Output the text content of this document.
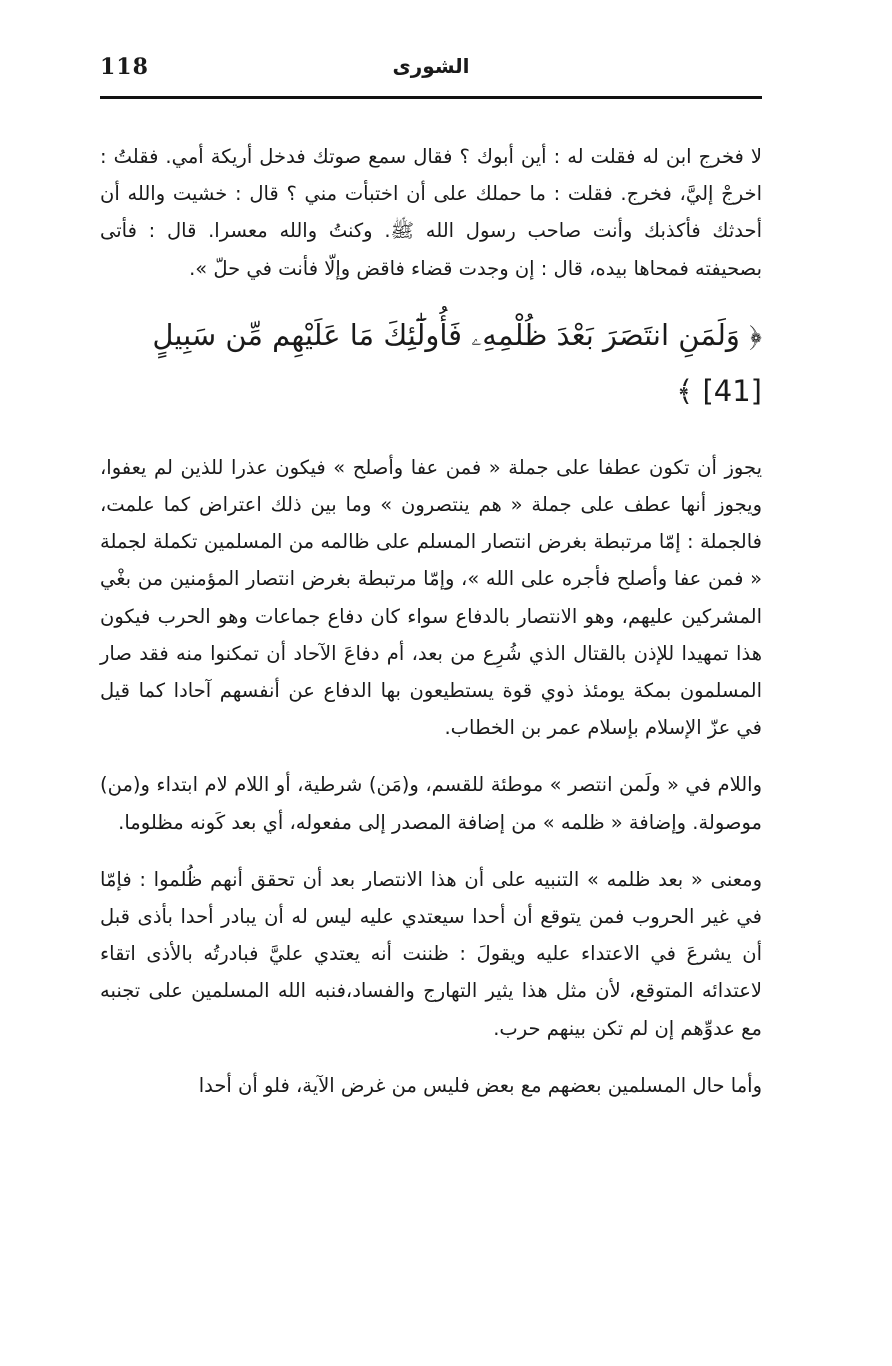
118	الشورى

لا فخرج ابن له فقلت له : أين أبوك ؟ فقال سمع صوتك فدخل أريكة أمي. فقلتُ : اخرجْ إليَّ، فخرج. فقلت : ما حملك على أن اختبأت مني ؟ قال : خشيت والله أن أحدثك فأكذبك وأنت صاحب رسول الله ﷺ. وكنتُ والله معسرا. قال : فأتى بصحيفته فمحاها بيده، قال : إن وجدت قضاء فاقض وإلّا فأنت في حلّ ».

﴿ وَلَمَنِ انتَصَرَ بَعْدَ ظُلْمِهِۦ فَأُولَٰٓئِكَ مَا عَلَيْهِم مِّن سَبِيلٍ [41] ﴾

يجوز أن تكون عطفا على جملة « فمن عفا وأصلح » فيكون عذرا للذين لم يعفوا، ويجوز أنها عطف على جملة « هم ينتصرون » وما بين ذلك اعتراض كما علمت، فالجملة : إمّا مرتبطة بغرض انتصار المسلم على ظالمه من المسلمين تكملة لجملة « فمن عفا وأصلح فأجره على الله »، وإمّا مرتبطة بغرض انتصار المؤمنين من بغْي المشركين عليهم، وهو الانتصار بالدفاع سواء كان دفاع جماعات وهو الحرب فيكون هذا تمهيدا للإذن بالقتال الذي شُرِع من بعد، أم دفاعَ الآحاد أن تمكنوا منه فقد صار المسلمون بمكة يومئذ ذوي قوة يستطيعون بها الدفاع عن أنفسهم آحادا كما قيل في عزّ الإسلام بإسلام عمر بن الخطاب.

واللام في « ولَمن انتصر » موطئة للقسم، و(مَن) شرطية، أو اللام لام ابتداء و(من) موصولة. وإضافة « ظلمه » من إضافة المصدر إلى مفعوله، أي بعد كَونه مظلوما.

ومعنى « بعد ظلمه » التنبيه على أن هذا الانتصار بعد أن تحقق أنهم ظُلموا : فإمّا في غير الحروب فمن يتوقع أن أحدا سيعتدي عليه ليس له أن يبادر أحدا بأذى قبل أن يشرعَ في الاعتداء عليه ويقولَ : ظننت أنه يعتدي عليَّ فبادرتُه بالأذى اتقاء لاعتدائه المتوقع، لأن مثل هذا يثير التهارج والفساد،فنبه الله المسلمين على تجنبه مع عدوِّهم إن لم تكن بينهم حرب.

وأما حال المسلمين بعضهم مع بعض فليس من غرض الآية، فلو أن أحدا
